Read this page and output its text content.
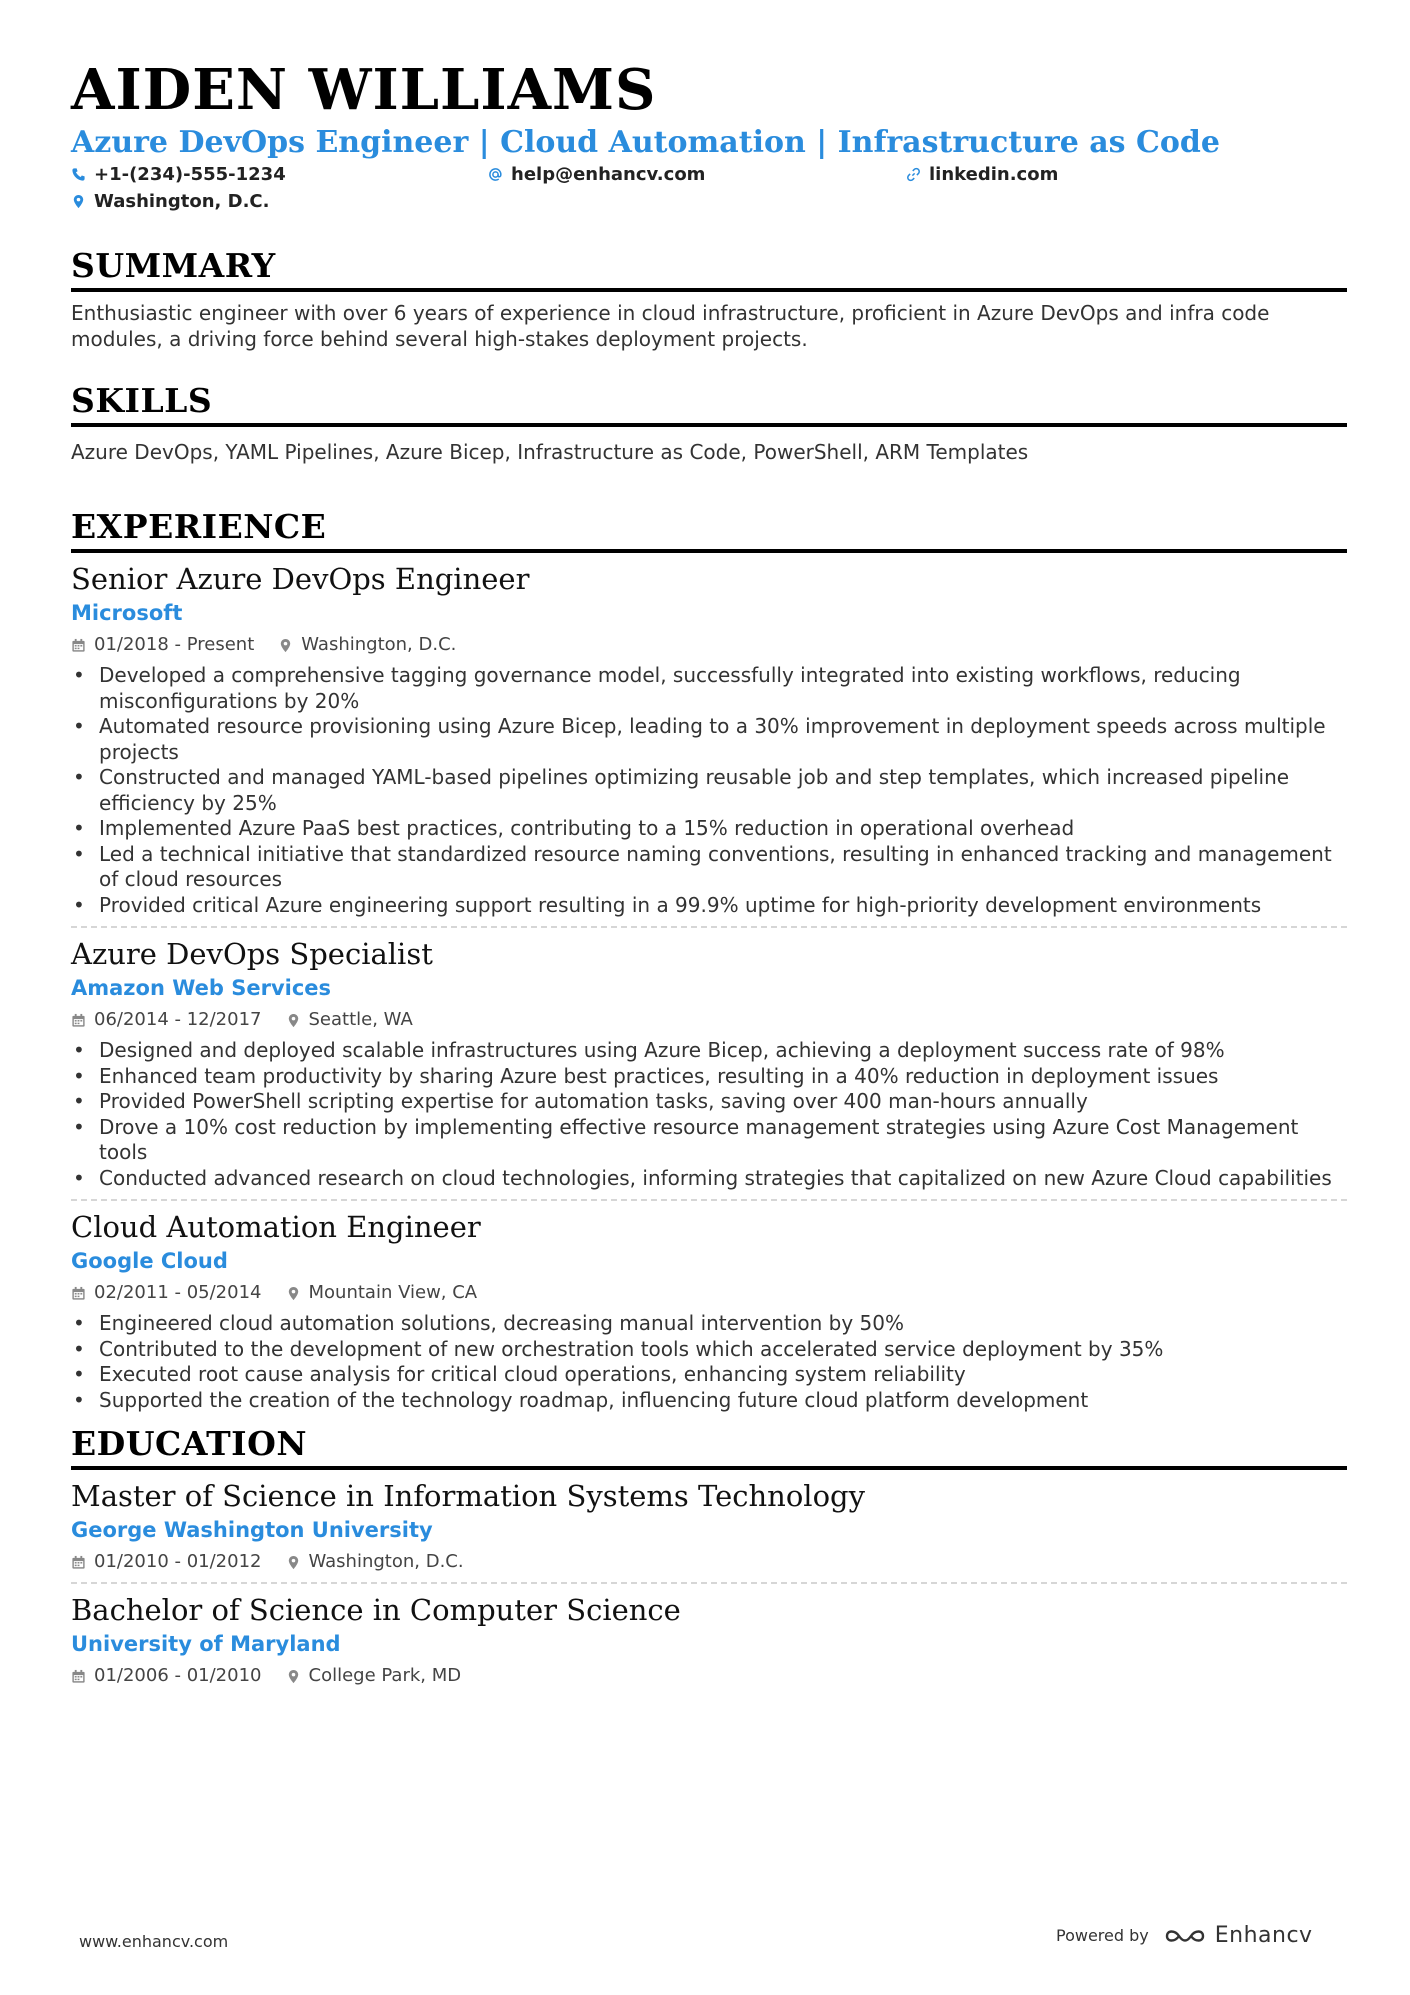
AIDEN WILLIAMS
Azure DevOps Engineer | Cloud Automation | Infrastructure as Code
+1-(234)-555-1234	help@enhancv.com	linkedin.com
Washington, D.C.
SUMMARY
Enthusiastic engineer with over 6 years of experience in cloud infrastructure, proficient in Azure DevOps and infra code modules, a driving force behind several high-stakes deployment projects.
SKILLS
Azure DevOps, YAML Pipelines, Azure Bicep, Infrastructure as Code, PowerShell, ARM Templates
EXPERIENCE
Senior Azure DevOps Engineer
Microsoft
01/2018 - Present	Washington, D.C.
• Developed a comprehensive tagging governance model, successfully integrated into existing workflows, reducing misconfigurations by 20%
• Automated resource provisioning using Azure Bicep, leading to a 30% improvement in deployment speeds across multiple projects
• Constructed and managed YAML-based pipelines optimizing reusable job and step templates, which increased pipeline efficiency by 25%
• Implemented Azure PaaS best practices, contributing to a 15% reduction in operational overhead
• Led a technical initiative that standardized resource naming conventions, resulting in enhanced tracking and management of cloud resources
• Provided critical Azure engineering support resulting in a 99.9% uptime for high-priority development environments
Azure DevOps Specialist
Amazon Web Services
06/2014 - 12/2017	Seattle, WA
• Designed and deployed scalable infrastructures using Azure Bicep, achieving a deployment success rate of 98%
• Enhanced team productivity by sharing Azure best practices, resulting in a 40% reduction in deployment issues
• Provided PowerShell scripting expertise for automation tasks, saving over 400 man-hours annually
• Drove a 10% cost reduction by implementing effective resource management strategies using Azure Cost Management tools
• Conducted advanced research on cloud technologies, informing strategies that capitalized on new Azure Cloud capabilities
Cloud Automation Engineer
Google Cloud
02/2011 - 05/2014	Mountain View, CA
• Engineered cloud automation solutions, decreasing manual intervention by 50%
• Contributed to the development of new orchestration tools which accelerated service deployment by 35%
• Executed root cause analysis for critical cloud operations, enhancing system reliability
• Supported the creation of the technology roadmap, influencing future cloud platform development
EDUCATION
Master of Science in Information Systems Technology
George Washington University
01/2010 - 01/2012	Washington, D.C.
Bachelor of Science in Computer Science
University of Maryland
01/2006 - 01/2010	College Park, MD
www.enhancv.com	Powered by	Enhancv
